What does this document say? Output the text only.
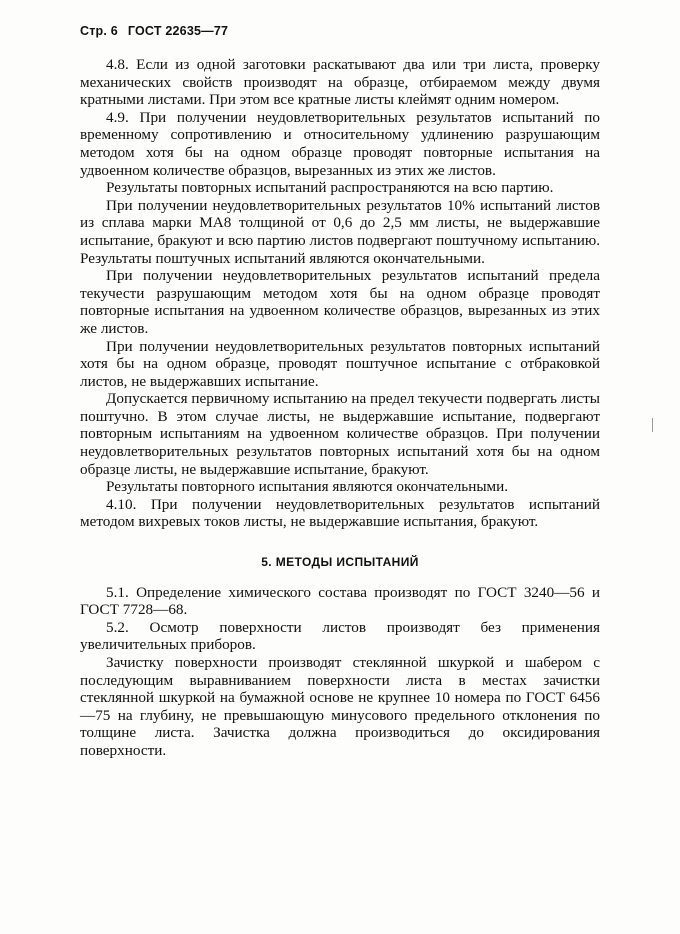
Стр. 6 ГОСТ 22635—77

4.8. Если из одной заготовки раскатывают два или три листа, проверку механических свойств производят на образце, отбираемом между двумя кратными листами. При этом все кратные листы клеймят одним номером.

4.9. При получении неудовлетворительных результатов испытаний по временному сопротивлению и относительному удлинению разрушающим методом хотя бы на одном образце проводят повторные испытания на удвоенном количестве образцов, вырезанных из этих же листов.

Результаты повторных испытаний распространяются на всю партию.

При получении неудовлетворительных результатов 10% испытаний листов из сплава марки МА8 толщиной от 0,6 до 2,5 мм листы, не выдержавшие испытание, бракуют и всю партию листов подвергают поштучному испытанию. Результаты поштучных испытаний являются окончательными.

При получении неудовлетворительных результатов испытаний предела текучести разрушающим методом хотя бы на одном образце проводят повторные испытания на удвоенном количестве образцов, вырезанных из этих же листов.

При получении неудовлетворительных результатов повторных испытаний хотя бы на одном образце, проводят поштучное испытание с отбраковкой листов, не выдержавших испытание.

Допускается первичному испытанию на предел текучести подвергать листы поштучно. В этом случае листы, не выдержавшие испытание, подвергают повторным испытаниям на удвоенном количестве образцов. При получении неудовлетворительных результатов повторных испытаний хотя бы на одном образце листы, не выдержавшие испытание, бракуют.

Результаты повторного испытания являются окончательными.

4.10. При получении неудовлетворительных результатов испытаний методом вихревых токов листы, не выдержавшие испытания, бракуют.

5. МЕТОДЫ ИСПЫТАНИЙ

5.1. Определение химического состава производят по ГОСТ 3240—56 и ГОСТ 7728—68.

5.2. Осмотр поверхности листов производят без применения увеличительных приборов.

Зачистку поверхности производят стеклянной шкуркой и шабером с последующим выравниванием поверхности листа в местах зачистки стеклянной шкуркой на бумажной основе не крупнее 10 номера по ГОСТ 6456—75 на глубину, не превышающую минусового предельного отклонения по толщине листа. Зачистка должна производиться до оксидирования поверхности.
